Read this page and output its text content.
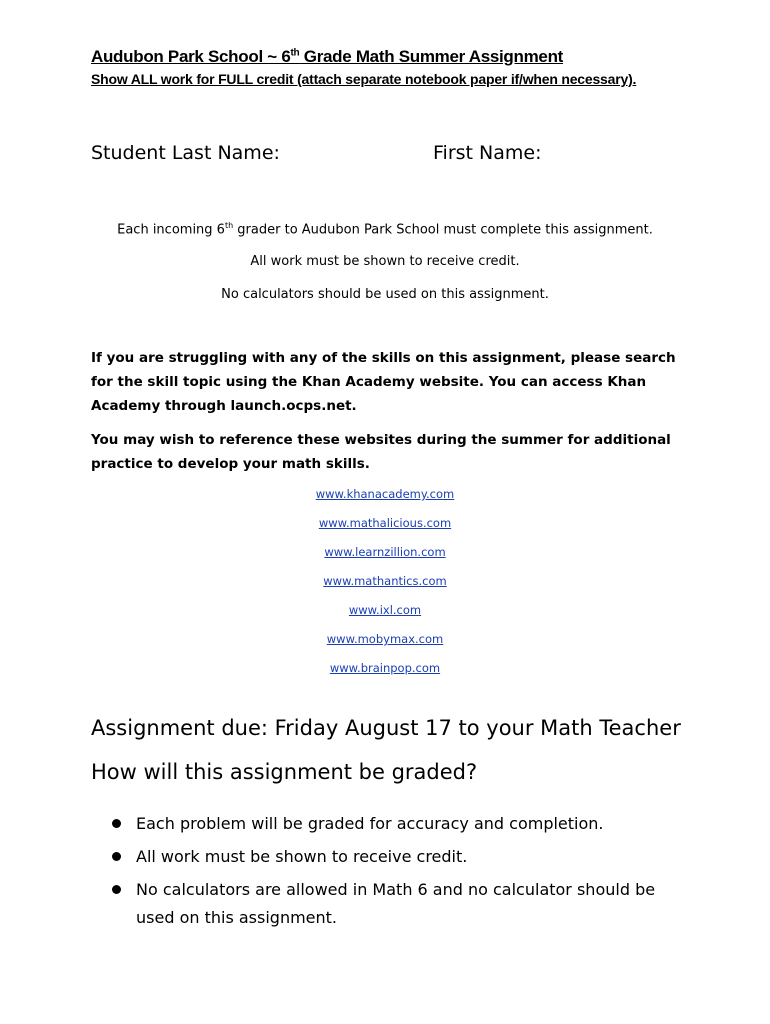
Audubon Park School ~ 6th Grade Math Summer Assignment
Show ALL work for FULL credit (attach separate notebook paper if/when necessary).
Student Last Name:	First Name:
Each incoming 6th grader to Audubon Park School must complete this assignment.
All work must be shown to receive credit.
No calculators should be used on this assignment.
If you are struggling with any of the skills on this assignment, please search for the skill topic using the Khan Academy website. You can access Khan Academy through launch.ocps.net.
You may wish to reference these websites during the summer for additional practice to develop your math skills.
www.khanacademy.com
www.mathalicious.com
www.learnzillion.com
www.mathantics.com
www.ixl.com
www.mobymax.com
www.brainpop.com
Assignment due: Friday August 17 to your Math Teacher
How will this assignment be graded?
Each problem will be graded for accuracy and completion.
All work must be shown to receive credit.
No calculators are allowed in Math 6 and no calculator should be used on this assignment.
